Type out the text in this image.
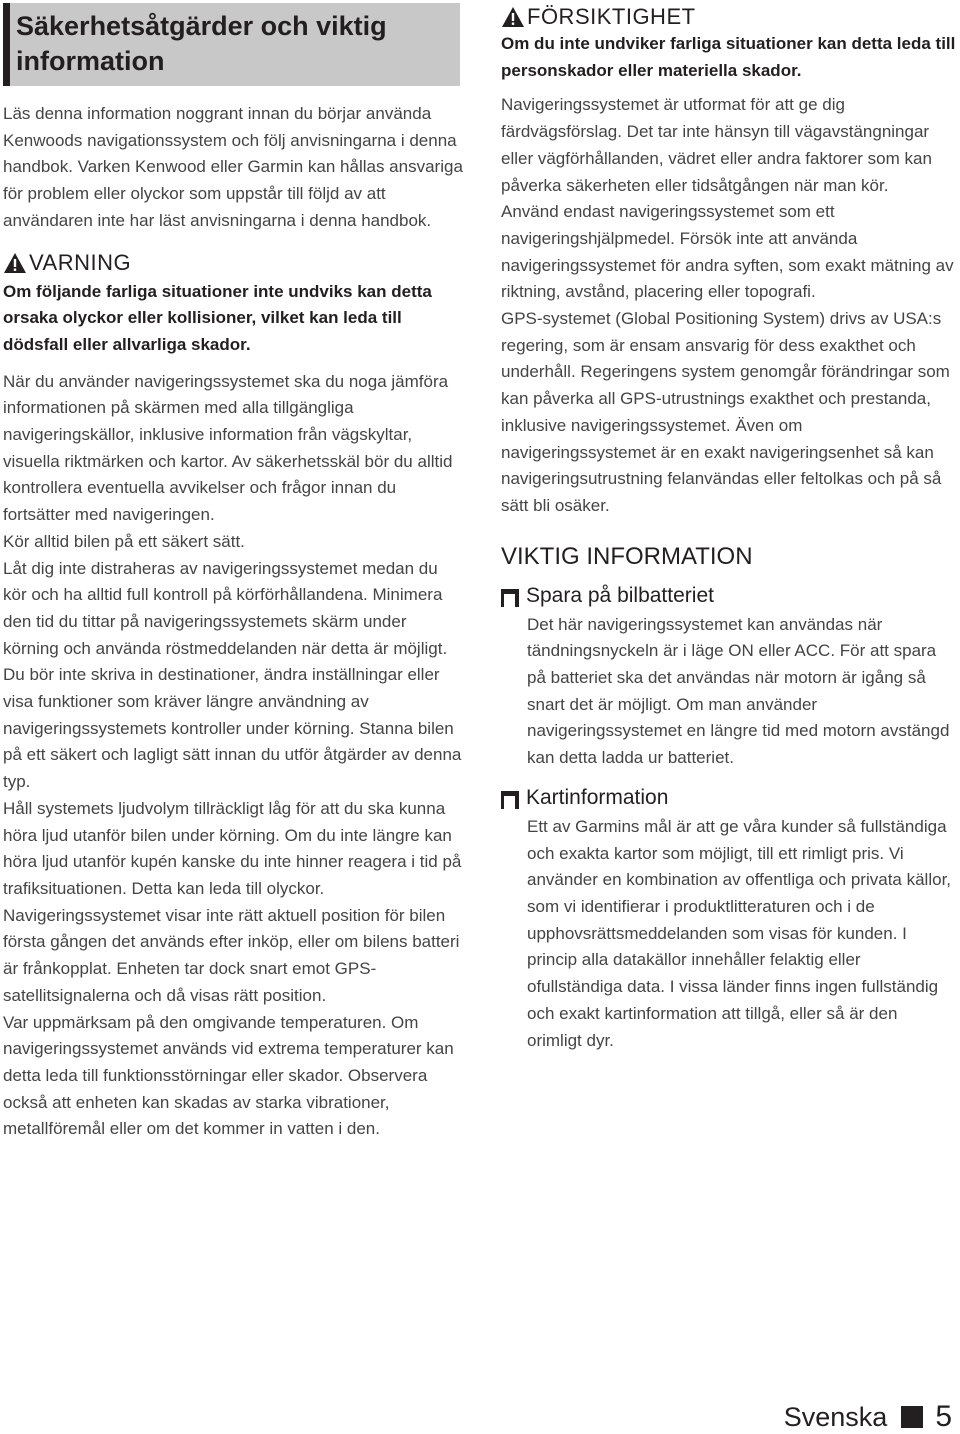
Säkerhetsåtgärder och viktig information

Läs denna information noggrant innan du börjar använda Kenwoods navigationssystem och följ anvisningarna i denna handbok. Varken Kenwood eller Garmin kan hållas ansvariga för problem eller olyckor som uppstår till följd av att användaren inte har läst anvisningarna i denna handbok.

VARNING

Om följande farliga situationer inte undviks kan detta orsaka olyckor eller kollisioner, vilket kan leda till dödsfall eller allvarliga skador.

När du använder navigeringssystemet ska du noga jämföra informationen på skärmen med alla tillgängliga navigeringskällor, inklusive information från vägskyltar, visuella riktmärken och kartor. Av säkerhetsskäl bör du alltid kontrollera eventuella avvikelser och frågor innan du fortsätter med navigeringen.

Kör alltid bilen på ett säkert sätt.

Låt dig inte distraheras av navigeringssystemet medan du kör och ha alltid full kontroll på körförhållandena. Minimera den tid du tittar på navigeringssystemets skärm under körning och använda röstmeddelanden när detta är möjligt.

Du bör inte skriva in destinationer, ändra inställningar eller visa funktioner som kräver längre användning av navigeringssystemets kontroller under körning. Stanna bilen på ett säkert och lagligt sätt innan du utför åtgärder av denna typ.

Håll systemets ljudvolym tillräckligt låg för att du ska kunna höra ljud utanför bilen under körning. Om du inte längre kan höra ljud utanför kupén kanske du inte hinner reagera i tid på trafiksituationen. Detta kan leda till olyckor.

Navigeringssystemet visar inte rätt aktuell position för bilen första gången det används efter inköp, eller om bilens batteri är frånkopplat. Enheten tar dock snart emot GPS-satellitsignalerna och då visas rätt position.

Var uppmärksam på den omgivande temperaturen. Om navigeringssystemet används vid extrema temperaturer kan detta leda till funktionsstörningar eller skador. Observera också att enheten kan skadas av starka vibrationer, metallföremål eller om det kommer in vatten i den.

FÖRSIKTIGHET

Om du inte undviker farliga situationer kan detta leda till personskador eller materiella skador.

Navigeringssystemet är utformat för att ge dig färdvägsförslag. Det tar inte hänsyn till vägavstängningar eller vägförhållanden, vädret eller andra faktorer som kan påverka säkerheten eller tidsåtgången när man kör.

Använd endast navigeringssystemet som ett navigeringshjälpmedel. Försök inte att använda navigeringssystemet för andra syften, som exakt mätning av riktning, avstånd, placering eller topografi.

GPS-systemet (Global Positioning System) drivs av USA:s regering, som är ensam ansvarig för dess exakthet och underhåll. Regeringens system genomgår förändringar som kan påverka all GPS-utrustnings exakthet och prestanda, inklusive navigeringssystemet. Även om navigeringssystemet är en exakt navigeringsenhet så kan navigeringsutrustning felanvändas eller feltolkas och på så sätt bli osäker.

VIKTIG INFORMATION
Spara på bilbatteriet

Det här navigeringssystemet kan användas när tändningsnyckeln är i läge ON eller ACC. För att spara på batteriet ska det användas när motorn är igång så snart det är möjligt. Om man använder navigeringssystemet en längre tid med motorn avstängd kan detta ladda ur batteriet.

Kartinformation

Ett av Garmins mål är att ge våra kunder så fullständiga och exakta kartor som möjligt, till ett rimligt pris. Vi använder en kombination av offentliga och privata källor, som vi identifierar i produktlitteraturen och i de upphovsrättsmeddelanden som visas för kunden. I princip alla datakällor innehåller felaktig eller ofullständiga data. I vissa länder finns ingen fullständig och exakt kartinformation att tillgå, eller så är den orimligt dyr.

Svenska 5
